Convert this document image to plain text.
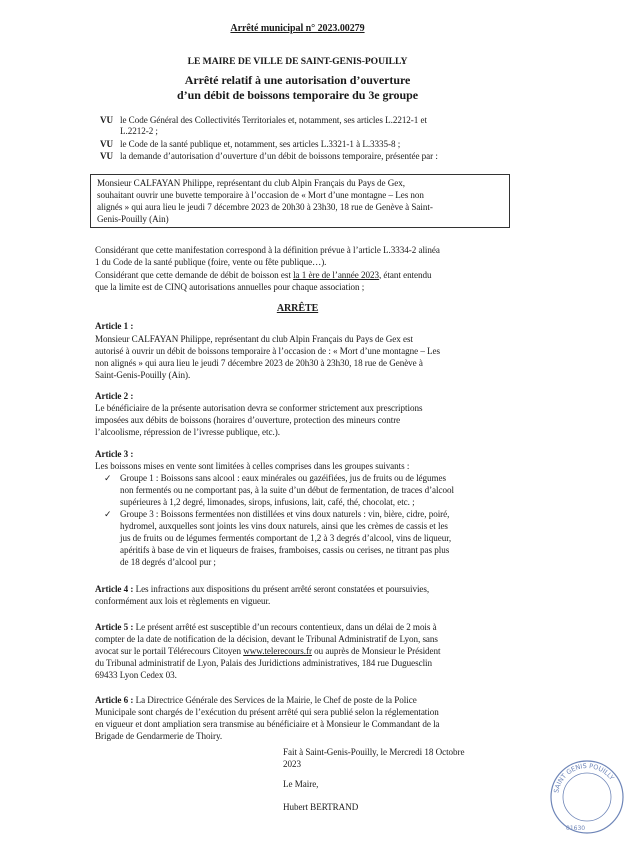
Arrêté municipal n° 2023.00279
LE MAIRE DE VILLE DE SAINT-GENIS-POUILLY
Arrêté relatif à une autorisation d’ouverture
d’un débit de boissons temporaire du 3e groupe
VU le Code Général des Collectivités Territoriales et, notamment, ses articles L.2212-1 et
L.2212-2 ;
VU le Code de la santé publique et, notamment, ses articles L.3321-1 à L.3335-8 ;
VU la demande d’autorisation d’ouverture d’un débit de boissons temporaire, présentée par :
Monsieur CALFAYAN Philippe, représentant du club Alpin Français du Pays de Gex,
souhaitant ouvrir une buvette temporaire à l’occasion de « Mort d’une montagne – Les non
alignés » qui aura lieu le jeudi 7 décembre 2023 de 20h30 à 23h30, 18 rue de Genève à Saint-
Genis-Pouilly (Ain)
Considérant que cette manifestation correspond à la définition prévue à l’article L.3334-2 alinéa
1 du Code de la santé publique (foire, vente ou fête publique…).
Considérant que cette demande de débit de boisson est la 1 ère de l’année 2023, étant entendu
que la limite est de CINQ autorisations annuelles pour chaque association ;
ARRÊTE
Article 1 :
Monsieur CALFAYAN Philippe, représentant du club Alpin Français du Pays de Gex est
autorisé à ouvrir un débit de boissons temporaire à l’occasion de : « Mort d’une montagne – Les
non alignés » qui aura lieu le jeudi 7 décembre 2023 de 20h30 à 23h30, 18 rue de Genève à
Saint-Genis-Pouilly (Ain).
Article 2 :
Le bénéficiaire de la présente autorisation devra se conformer strictement aux prescriptions
imposées aux débits de boissons (horaires d’ouverture, protection des mineurs contre
l’alcoolisme, répression de l’ivresse publique, etc.).
Article 3 :
Les boissons mises en vente sont limitées à celles comprises dans les groupes suivants :
✓ Groupe 1 : Boissons sans alcool : eaux minérales ou gazéifiées, jus de fruits ou de légumes
non fermentés ou ne comportant pas, à la suite d’un début de fermentation, de traces d’alcool
supérieures à 1,2 degré, limonades, sirops, infusions, lait, café, thé, chocolat, etc. ;
✓ Groupe 3 : Boissons fermentées non distillées et vins doux naturels : vin, bière, cidre, poiré,
hydromel, auxquelles sont joints les vins doux naturels, ainsi que les crèmes de cassis et les
jus de fruits ou de légumes fermentés comportant de 1,2 à 3 degrés d’alcool, vins de liqueur,
apéritifs à base de vin et liqueurs de fraises, framboises, cassis ou cerises, ne titrant pas plus
de 18 degrés d’alcool pur ;
Article 4 : Les infractions aux dispositions du présent arrêté seront constatées et poursuivies,
conformément aux lois et règlements en vigueur.
Article 5 : Le présent arrêté est susceptible d’un recours contentieux, dans un délai de 2 mois à
compter de la date de notification de la décision, devant le Tribunal Administratif de Lyon, sans
avocat sur le portail Télérecours Citoyen www.telerecours.fr ou auprès de Monsieur le Président
du Tribunal administratif de Lyon, Palais des Juridictions administratives, 184 rue Duguesclin
69433 Lyon Cedex 03.
Article 6 : La Directrice Générale des Services de la Mairie, le Chef de poste de la Police
Municipale sont chargés de l’exécution du présent arrêté qui sera publié selon la réglementation
en vigueur et dont ampliation sera transmise au bénéficiaire et à Monsieur le Commandant de la
Brigade de Gendarmerie de Thoiry.
Fait à Saint-Genis-Pouilly, le Mercredi 18 Octobre
2023
Le Maire,
Hubert BERTRAND
SAINT GENIS POUILLY
01630
